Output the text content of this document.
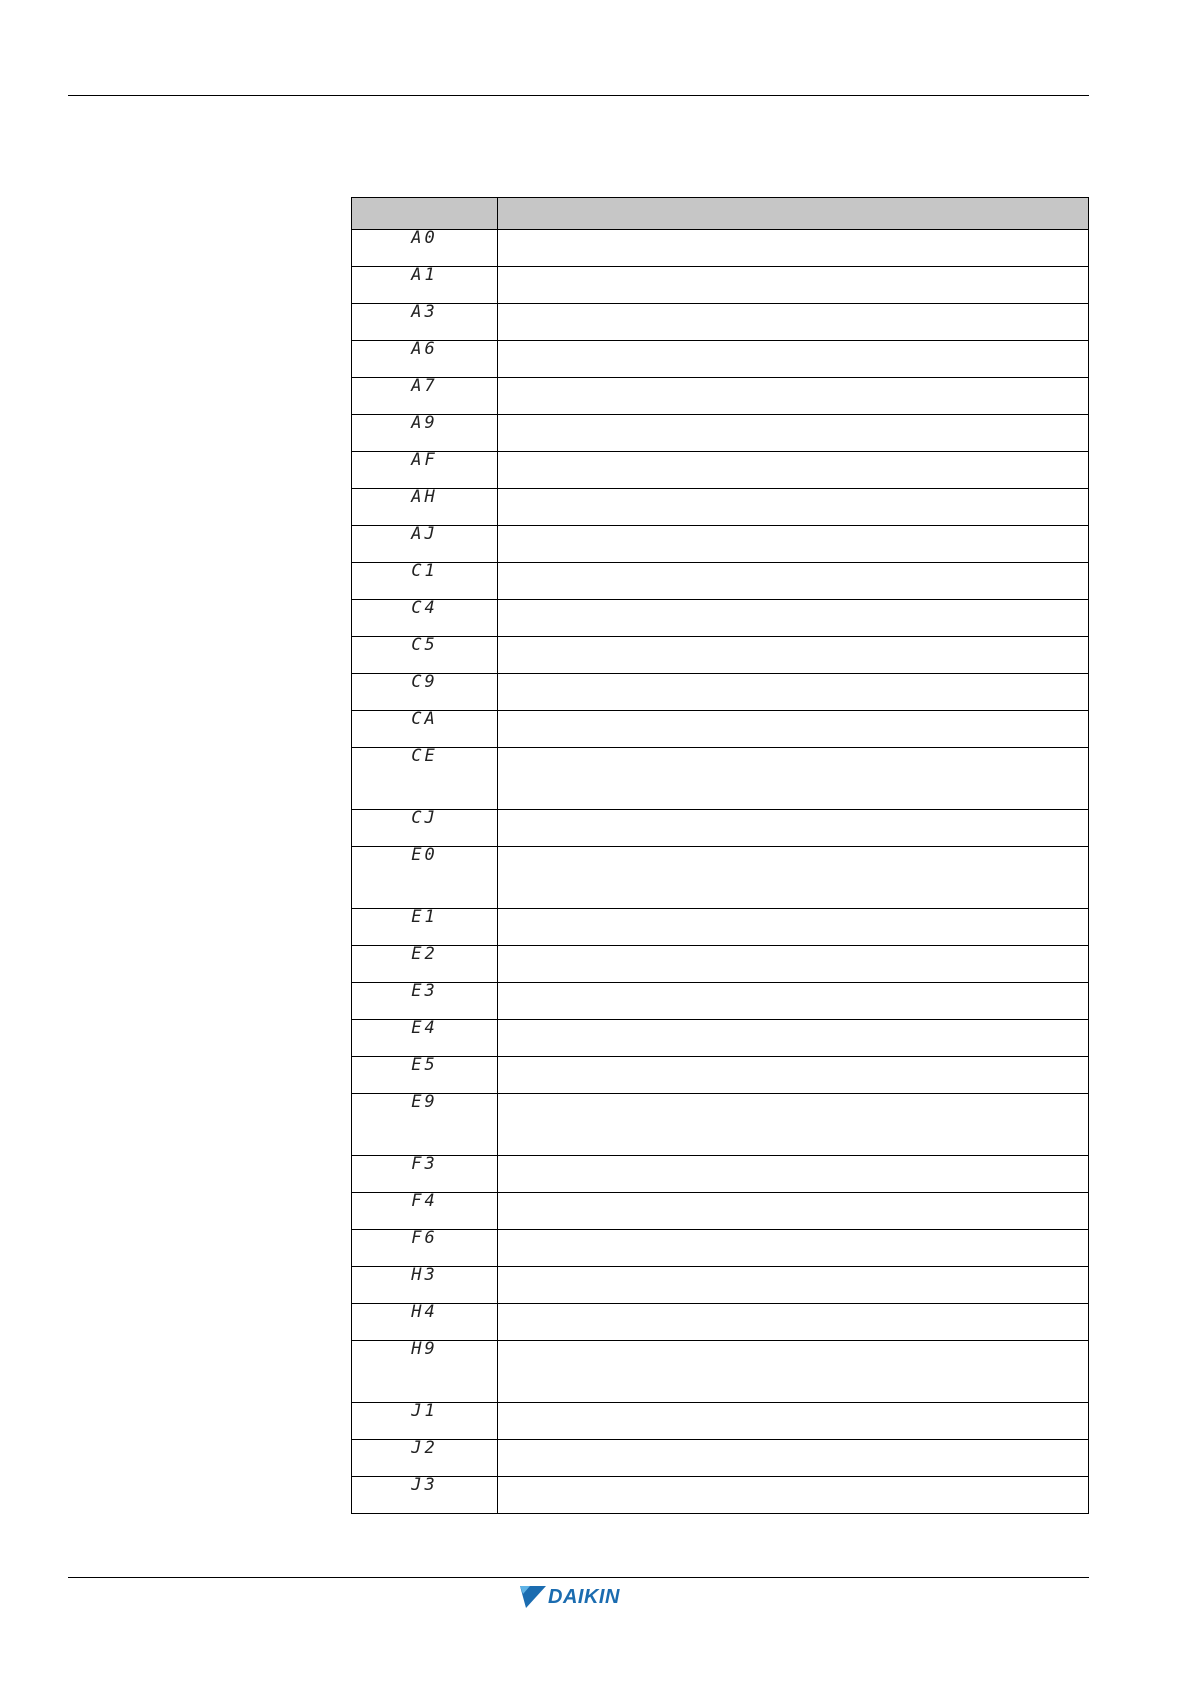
A0	
A1	
A3	
A6	
A7	
A9	
AF	
AH	
AJ	
C1	
C4	
C5	
C9	
CA	
CE	
CJ	
E0	
E1	
E2	
E3	
E4	
E5	
E9	
F3	
F4	
F6	
H3	
H4	
H9	
J1	
J2	
J3	
DAIKIN
